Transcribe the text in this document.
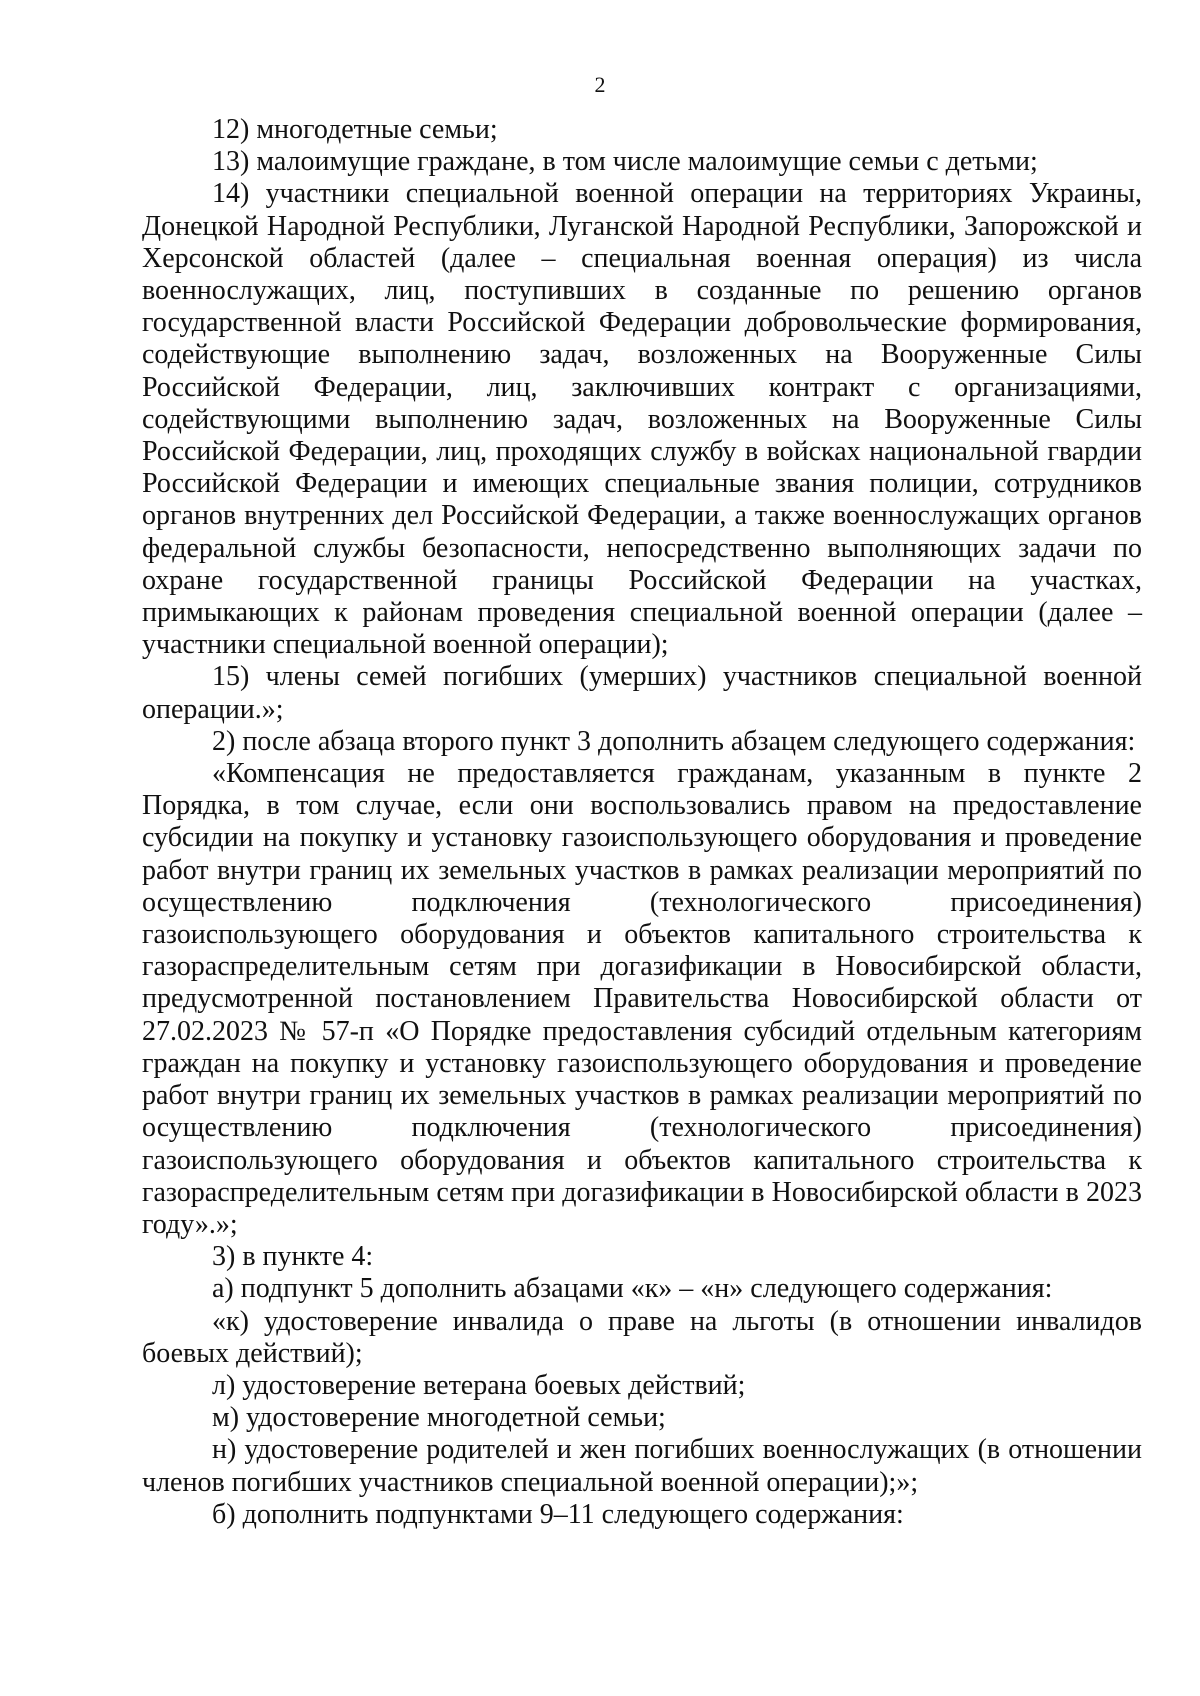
2

12) многодетные семьи;

13) малоимущие граждане, в том числе малоимущие семьи с детьми;

14) участники специальной военной операции на территориях Украины, Донецкой Народной Республики, Луганской Народной Республики, Запорожской и Херсонской областей (далее – специальная военная операция) из числа военнослужащих, лиц, поступивших в созданные по решению органов государственной власти Российской Федерации добровольческие формирования, содействующие выполнению задач, возложенных на Вооруженные Силы Российской Федерации, лиц, заключивших контракт с организациями, содействующими выполнению задач, возложенных на Вооруженные Силы Российской Федерации, лиц, проходящих службу в войсках национальной гвардии Российской Федерации и имеющих специальные звания полиции, сотрудников органов внутренних дел Российской Федерации, а также военнослужащих органов федеральной службы безопасности, непосредственно выполняющих задачи по охране государственной границы Российской Федерации на участках, примыкающих к районам проведения специальной военной операции (далее – участники специальной военной операции);

15) члены семей погибших (умерших) участников специальной военной операции.»;

2) после абзаца второго пункт 3 дополнить абзацем следующего содержания:

«Компенсация не предоставляется гражданам, указанным в пункте 2 Порядка, в том случае, если они воспользовались правом на предоставление субсидии на покупку и установку газоиспользующего оборудования и проведение работ внутри границ их земельных участков в рамках реализации мероприятий по осуществлению подключения (технологического присоединения) газоиспользующего оборудования и объектов капитального строительства к газораспределительным сетям при догазификации в Новосибирской области, предусмотренной постановлением Правительства Новосибирской области от 27.02.2023 № 57-п «О Порядке предоставления субсидий отдельным категориям граждан на покупку и установку газоиспользующего оборудования и проведение работ внутри границ их земельных участков в рамках реализации мероприятий по осуществлению подключения (технологического присоединения) газоиспользующего оборудования и объектов капитального строительства к газораспределительным сетям при догазификации в Новосибирской области в 2023 году».»;

3) в пункте 4:

а) подпункт 5 дополнить абзацами «к» – «н» следующего содержания:

«к) удостоверение инвалида о праве на льготы (в отношении инвалидов боевых действий);

л) удостоверение ветерана боевых действий;

м) удостоверение многодетной семьи;

н) удостоверение родителей и жен погибших военнослужащих (в отношении членов погибших участников специальной военной операции);»;

б) дополнить подпунктами 9–11 следующего содержания:
